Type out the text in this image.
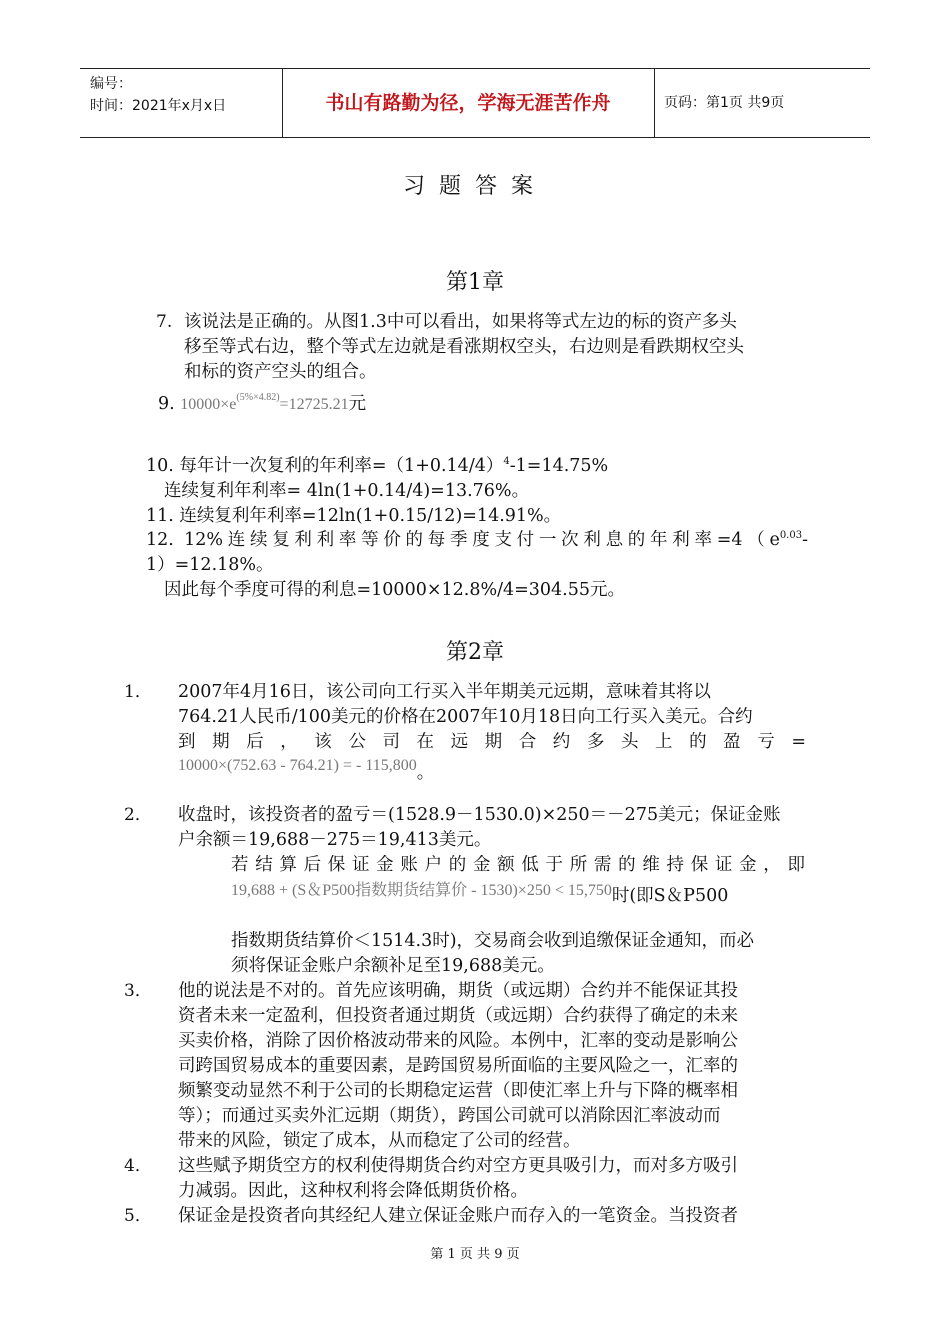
编号：
时间：2021年x月x日	书山有路勤为径，学海无涯苦作舟	页码：第1页 共9页
习题答案
第1章
7. 该说法是正确的。从图1.3中可以看出，如果将等式左边的标的资产多头
移至等式右边，整个等式左边就是看涨期权空头，右边则是看跌期权空头
和标的资产空头的组合。
9. $10000\times e^{(5\%\times 4.82)}=12725.21$元
10. 每年计一次复利的年利率$=(1+0.14/4)^4-1=14.75\%$
连续复利年利率= 4ln(1+0.14/4)=13.76%。
11. 连续复利年利率=12ln(1+0.15/12)=14.91%。
12. 12%连续复利利率等价的每季度支付一次利息的年利率$=4(e^{0.03}-$
1）=12.18%。
因此每个季度可得的利息=10000×12.8%/4=304.55元。
第2章
1． 2007年4月16日，该公司向工行买入半年期美元远期，意味着其将以
764.21人民币/100美元的价格在2007年10月18日向工行买入美元。合约
到期后，该公司在远期合约多头上的盈亏=
10000×(752.63 - 764.21) = - 115,800。
2． 收盘时，该投资者的盈亏＝(1528.9－1530.0)×250＝－275美元；保证金账
户余额＝19,688－275＝19,413美元。
若结算后保证金账户的金额低于所需的维持保证金，即
19,688 + (S＆P500指数期货结算价 - 1530)×250 < 15,750时(即S＆P500
指数期货结算价＜1514.3时)，交易商会收到追缴保证金通知，而必
须将保证金账户余额补足至19,688美元。
3． 他的说法是不对的。首先应该明确，期货（或远期）合约并不能保证其投
资者未来一定盈利，但投资者通过期货（或远期）合约获得了确定的未来
买卖价格，消除了因价格波动带来的风险。本例中，汇率的变动是影响公
司跨国贸易成本的重要因素，是跨国贸易所面临的主要风险之一，汇率的
频繁变动显然不利于公司的长期稳定运营（即使汇率上升与下降的概率相
等）；而通过买卖外汇远期（期货），跨国公司就可以消除因汇率波动而
带来的风险，锁定了成本，从而稳定了公司的经营。
4． 这些赋予期货空方的权利使得期货合约对空方更具吸引力，而对多方吸引
力减弱。因此，这种权利将会降低期货价格。
5． 保证金是投资者向其经纪人建立保证金账户而存入的一笔资金。当投资者
第 1 页 共 9 页
